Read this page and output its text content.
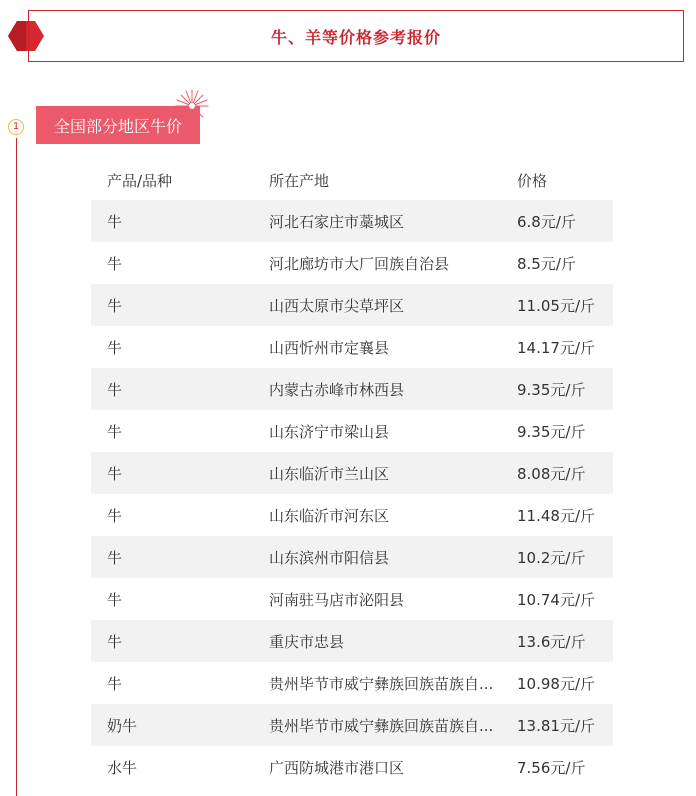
牛、羊等价格参考报价
1	全国部分地区牛价
产品/品种	所在产地	价格
牛	河北石家庄市藁城区	6.8元/斤
牛	河北廊坊市大厂回族自治县	8.5元/斤
牛	山西太原市尖草坪区	11.05元/斤
牛	山西忻州市定襄县	14.17元/斤
牛	内蒙古赤峰市林西县	9.35元/斤
牛	山东济宁市梁山县	9.35元/斤
牛	山东临沂市兰山区	8.08元/斤
牛	山东临沂市河东区	11.48元/斤
牛	山东滨州市阳信县	10.2元/斤
牛	河南驻马店市泌阳县	10.74元/斤
牛	重庆市忠县	13.6元/斤
牛	贵州毕节市威宁彝族回族苗族自...	10.98元/斤
奶牛	贵州毕节市威宁彝族回族苗族自...	13.81元/斤
水牛	广西防城港市港口区	7.56元/斤
